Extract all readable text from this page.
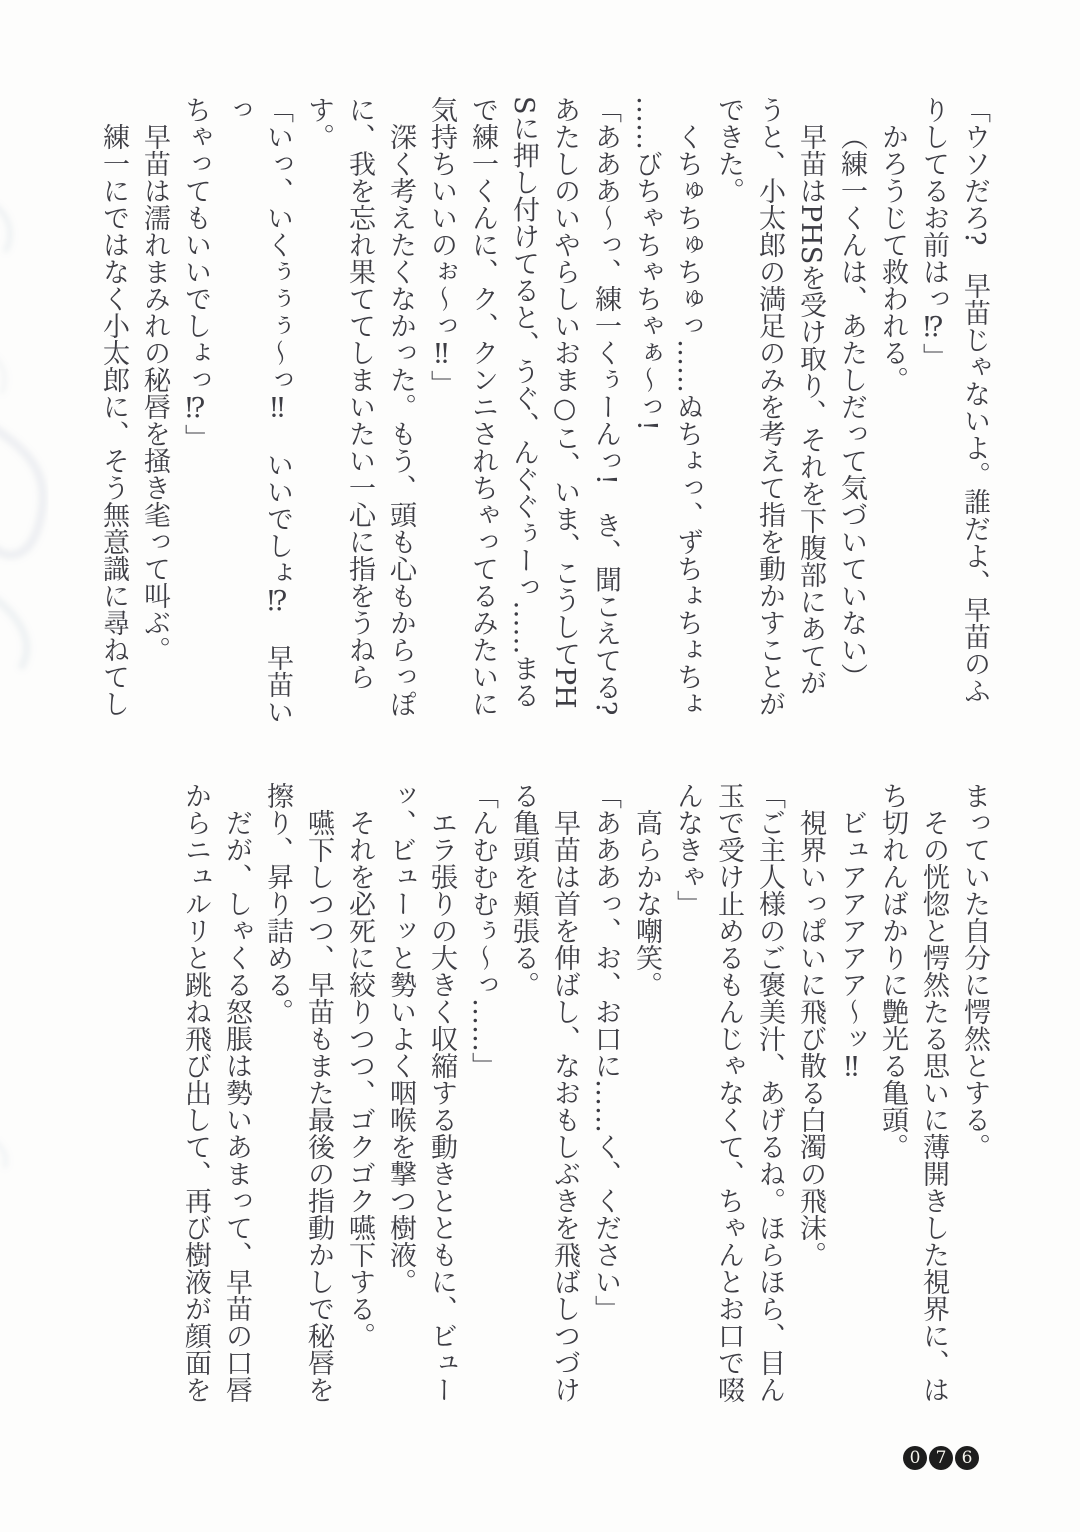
「ウソだろ?　早苗じゃないよ。誰だよ、早苗のふ
りしてるお前はっ⁉」
かろうじて救われる。
（練一くんは、あたしだって気づいていない）
早苗はPHSを受け取り、それを下腹部にあてが
うと、小太郎の満足のみを考えて指を動かすことが
できた。
くちゅちゅちゅっ……ぬちょっ、ずちょちょちょ
……びちゃちゃちゃぁ〜っ!
「あああ〜っ、練一くぅーんっ!　き、聞こえてる?
あたしのいやらしいおま○こ、いま、こうしてPH
Sに押し付けてると、うぐ、んぐぐぅーっ……まる
で練一くんに、ク、クンニされちゃってるみたいに
気持ちいいのぉ〜っ‼」
深く考えたくなかった。もう、頭も心もからっぽ
に、我を忘れ果ててしまいたい一心に指をうねらす。
「いっ、いくぅぅぅ〜っ‼　いいでしょ⁉　早苗いっ
ちゃってもいいでしょっ⁉」
早苗は濡れまみれの秘唇を掻き毟って叫ぶ。
練一にではなく小太郎に、そう無意識に尋ねてし
まっていた自分に愕然とする。
その恍惚と愕然たる思いに薄開きした視界に、は
ち切れんばかりに艶光る亀頭。
ビュアアアアア〜ッ‼
視界いっぱいに飛び散る白濁の飛沫。
「ご主人様のご褒美汁、あげるね。ほらほら、目ん
玉で受け止めるもんじゃなくて、ちゃんとお口で啜
んなきゃ」
高らかな嘲笑。
「あああっ、お、お口に……く、ください」
早苗は首を伸ばし、なおもしぶきを飛ばしつづけ
る亀頭を頬張る。
「んむむむぅ〜っ……」
エラ張りの大きく収縮する動きとともに、ビュー
ッ、ビューッと勢いよく咽喉を撃つ樹液。
それを必死に絞りつつ、ゴクゴク嚥下する。
嚥下しつつ、早苗もまた最後の指動かしで秘唇を
擦り、昇り詰める。
だが、しゃくる怒脹は勢いあまって、早苗の口唇
からニュルリと跳ね飛び出して、再び樹液が顔面を
0 7 6
